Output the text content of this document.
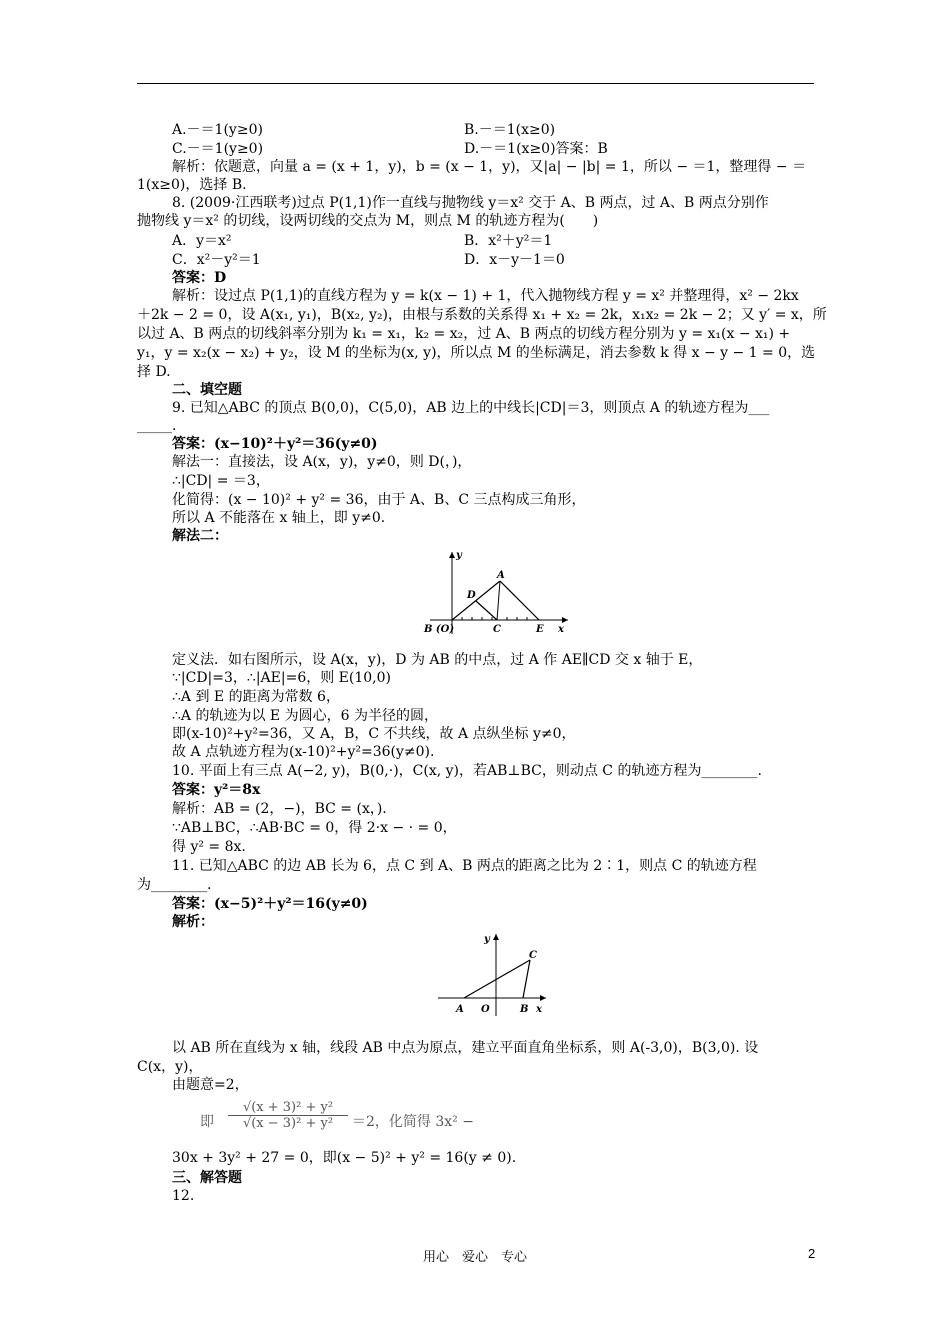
A.－＝1(y≥0)	B.－＝1(x≥0)
C.－＝1(y≥0)	D.－＝1(x≥0)答案：B
解析：依题意，向量 a = (x + 1，y)，b = (x − 1，y)，又|a| − |b| = 1，所以 − ＝1，整理得 − ＝
1(x≥0)，选择 B.
8. (2009·江西联考)过点 P(1,1)作一直线与抛物线 y＝x² 交于 A、B 两点，过 A、B 两点分别作
抛物线 y＝x² 的切线，设两切线的交点为 M，则点 M 的轨迹方程为(　　)
A．y＝x²	B．x²＋y²＝1
C．x²－y²＝1	D．x－y－1＝0
答案：D
解析：设过点 P(1,1)的直线方程为 y = k(x − 1) + 1，代入抛物线方程 y = x² 并整理得，x² − 2kx
＋2k − 2 = 0，设 A(x₁, y₁)，B(x₂, y₂)，由根与系数的关系得 x₁ + x₂ = 2k，x₁x₂ = 2k − 2；又 y′ = x，所
以过 A、B 两点的切线斜率分别为 k₁ = x₁，k₂ = x₂，过 A、B 两点的切线方程分别为 y = x₁(x − x₁) +
y₁，y = x₂(x − x₂) + y₂，设 M 的坐标为(x, y)，所以点 M 的坐标满足，消去参数 k 得 x − y − 1 = 0，选
择 D.
二、填空题
9. 已知△ABC 的顶点 B(0,0)，C(5,0)，AB 边上的中线长|CD|＝3，则顶点 A 的轨迹方程为___
_____.
答案：(x−10)²＋y²＝36(y≠0)
解法一：直接法，设 A(x，y)，y≠0，则 D(，)，
∴|CD| = ＝3，
化简得：(x − 10)² + y² = 36，由于 A、B、C 三点构成三角形，
所以 A 不能落在 x 轴上，即 y≠0.
解法二：
定义法．如右图所示，设 A(x，y)，D 为 AB 的中点，过 A 作 AE∥CD 交 x 轴于 E，
∵|CD|=3，∴|AE|=6，则 E(10,0)
∴A 到 E 的距离为常数 6，
∴A 的轨迹为以 E 为圆心，6 为半径的圆，
即(x-10)²+y²=36，又 A，B，C 不共线，故 A 点纵坐标 y≠0，
故 A 点轨迹方程为(x-10)²+y²=36(y≠0).
10. 平面上有三点 A(−2, y)，B(0,·)，C(x, y)，若AB⊥BC，则动点 C 的轨迹方程为________.
答案：y²＝8x
解析：AB = (2，−)，BC = (x，).
∵AB⊥BC，∴AB·BC = 0，得 2·x − · = 0，
得 y² = 8x.
11. 已知△ABC 的边 AB 长为 6，点 C 到 A、B 两点的距离之比为 2∶1，则点 C 的轨迹方程
为________.
答案：(x−5)²＋y²＝16(y≠0)
解析：
以 AB 所在直线为 x 轴，线段 AB 中点为原点，建立平面直角坐标系，则 A(-3,0)，B(3,0). 设
C(x，y)，
由题意=2，
30x + 3y² + 27 = 0，即(x − 5)² + y² = 16(y ≠ 0).
三、解答题
12.
y
A
D
B (O)	C	E x
y
C
A O	B x
即 $\frac{\text{√(x + 3)² + y²}}{\text{√(x − 3)² + y²}} =2$，化简得 3x² −
用心　爱心　专心	2
